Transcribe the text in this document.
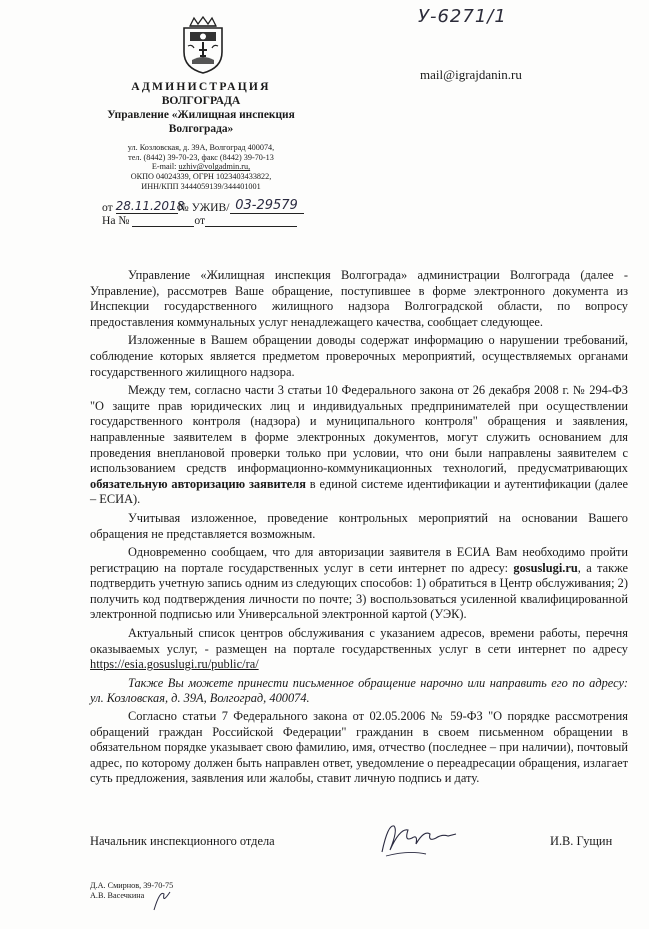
У-6271/1
АДМИНИСТРАЦИЯ
ВОЛГОГРАДА
Управление «Жилищная инспекция
Волгограда»
ул. Козловская, д. 39А, Волгоград 400074,
тел. (8442) 39-70-23, факс (8442) 39-70-13
E-mail: uzhiv@volgadmin.ru,
ОКПО 04024339, ОГРН 1023403433822,
ИНН/КПП 3444059139/344401001
mail@igrajdanin.ru
от 28.11.2018№ УЖИВ/ 03-29579
На №	от

Управление «Жилищная инспекция Волгограда» администрации Волгограда (далее - Управление), рассмотрев Ваше обращение, поступившее в форме электронного документа из Инспекции государственного жилищного надзора Волгоградской области, по вопросу предоставления коммунальных услуг ненадлежащего качества, сообщает следующее.

Изложенные в Вашем обращении доводы содержат информацию о нарушении требований, соблюдение которых является предметом проверочных мероприятий, осуществляемых органами государственного жилищного надзора.

Между тем, согласно части 3 статьи 10 Федерального закона от 26 декабря 2008 г. № 294-ФЗ "О защите прав юридических лиц и индивидуальных предпринимателей при осуществлении государственного контроля (надзора) и муниципального контроля" обращения и заявления, направленные заявителем в форме электронных документов, могут служить основанием для проведения внеплановой проверки только при условии, что они были направлены заявителем с использованием средств информационно-коммуникационных технологий, предусматривающих обязательную авторизацию заявителя в единой системе идентификации и аутентификации (далее – ЕСИА).

Учитывая изложенное, проведение контрольных мероприятий на основании Вашего обращения не представляется возможным.

Одновременно сообщаем, что для авторизации заявителя в ЕСИА Вам необходимо пройти регистрацию на портале государственных услуг в сети интернет по адресу: gosuslugi.ru, а также подтвердить учетную запись одним из следующих способов: 1) обратиться в Центр обслуживания; 2) получить код подтверждения личности по почте; 3) воспользоваться усиленной квалифицированной электронной подписью или Универсальной электронной картой (УЭК).

Актуальный список центров обслуживания с указанием адресов, времени работы, перечня оказываемых услуг, - размещен на портале государственных услуг в сети интернет по адресу https://esia.gosuslugi.ru/public/ra/

Также Вы можете принести письменное обращение нарочно или направить его по адресу: ул. Козловская, д. 39А, Волгоград, 400074.

Согласно статьи 7 Федерального закона от 02.05.2006 № 59-ФЗ "О порядке рассмотрения обращений граждан Российской Федерации" гражданин в своем письменном обращении в обязательном порядке указывает свою фамилию, имя, отчество (последнее – при наличии), почтовый адрес, по которому должен быть направлен ответ, уведомление о переадресации обращения, излагает суть предложения, заявления или жалобы, ставит личную подпись и дату.

Начальник инспекционного отдела	И.В. Гущин
Д.А. Смирнов, 39-70-75
А.В. Васечкина
